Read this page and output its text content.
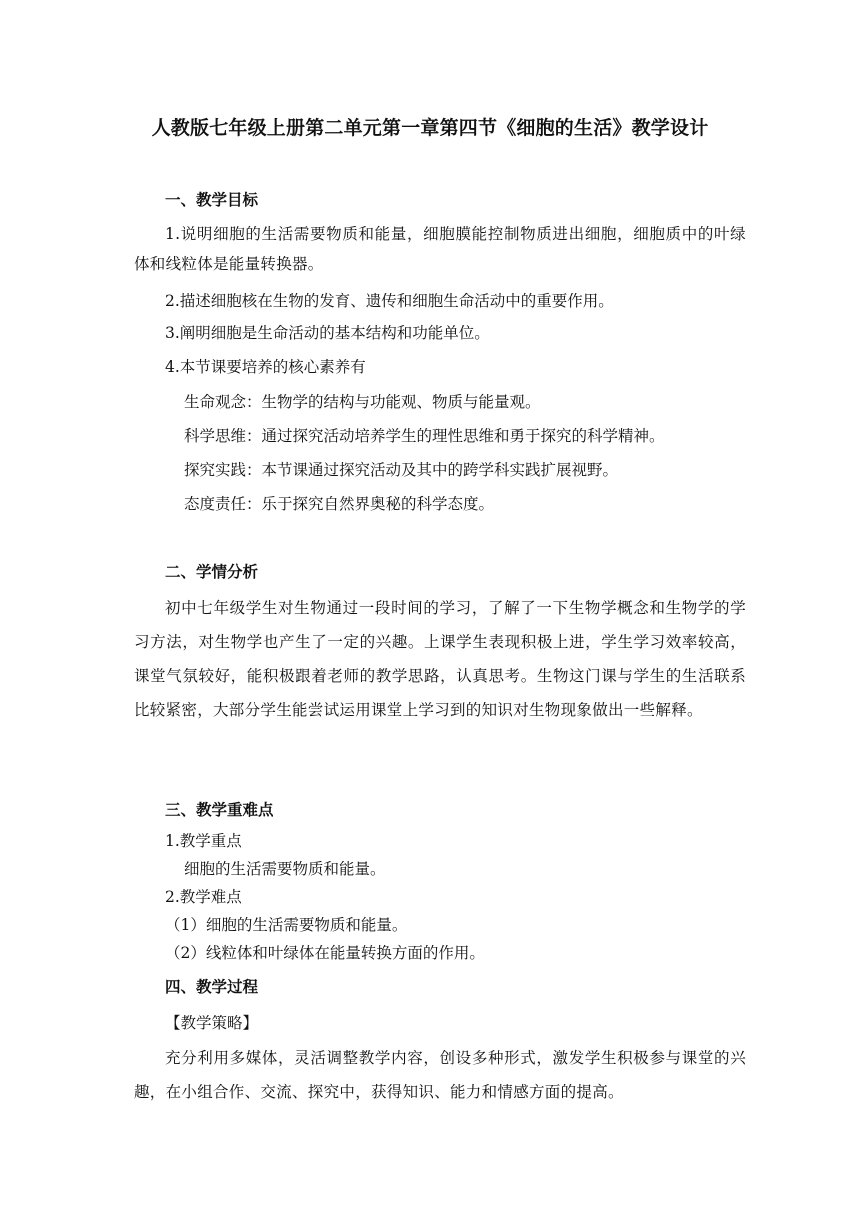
人教版七年级上册第二单元第一章第四节《细胞的生活》教学设计
一、教学目标
1.说明细胞的生活需要物质和能量，细胞膜能控制物质进出细胞，细胞质中的叶绿体和线粒体是能量转换器。
2.描述细胞核在生物的发育、遗传和细胞生命活动中的重要作用。
3.阐明细胞是生命活动的基本结构和功能单位。
4.本节课要培养的核心素养有
生命观念：生物学的结构与功能观、物质与能量观。
科学思维：通过探究活动培养学生的理性思维和勇于探究的科学精神。
探究实践：本节课通过探究活动及其中的跨学科实践扩展视野。
态度责任：乐于探究自然界奥秘的科学态度。
二、学情分析
初中七年级学生对生物通过一段时间的学习，了解了一下生物学概念和生物学的学习方法，对生物学也产生了一定的兴趣。上课学生表现积极上进，学生学习效率较高，课堂气氛较好，能积极跟着老师的教学思路，认真思考。生物这门课与学生的生活联系比较紧密，大部分学生能尝试运用课堂上学习到的知识对生物现象做出一些解释。
三、教学重难点
1.教学重点
细胞的生活需要物质和能量。
2.教学难点
（1）细胞的生活需要物质和能量。
（2）线粒体和叶绿体在能量转换方面的作用。
四、教学过程
【教学策略】
充分利用多媒体，灵活调整教学内容，创设多种形式，激发学生积极参与课堂的兴趣，在小组合作、交流、探究中，获得知识、能力和情感方面的提高。
